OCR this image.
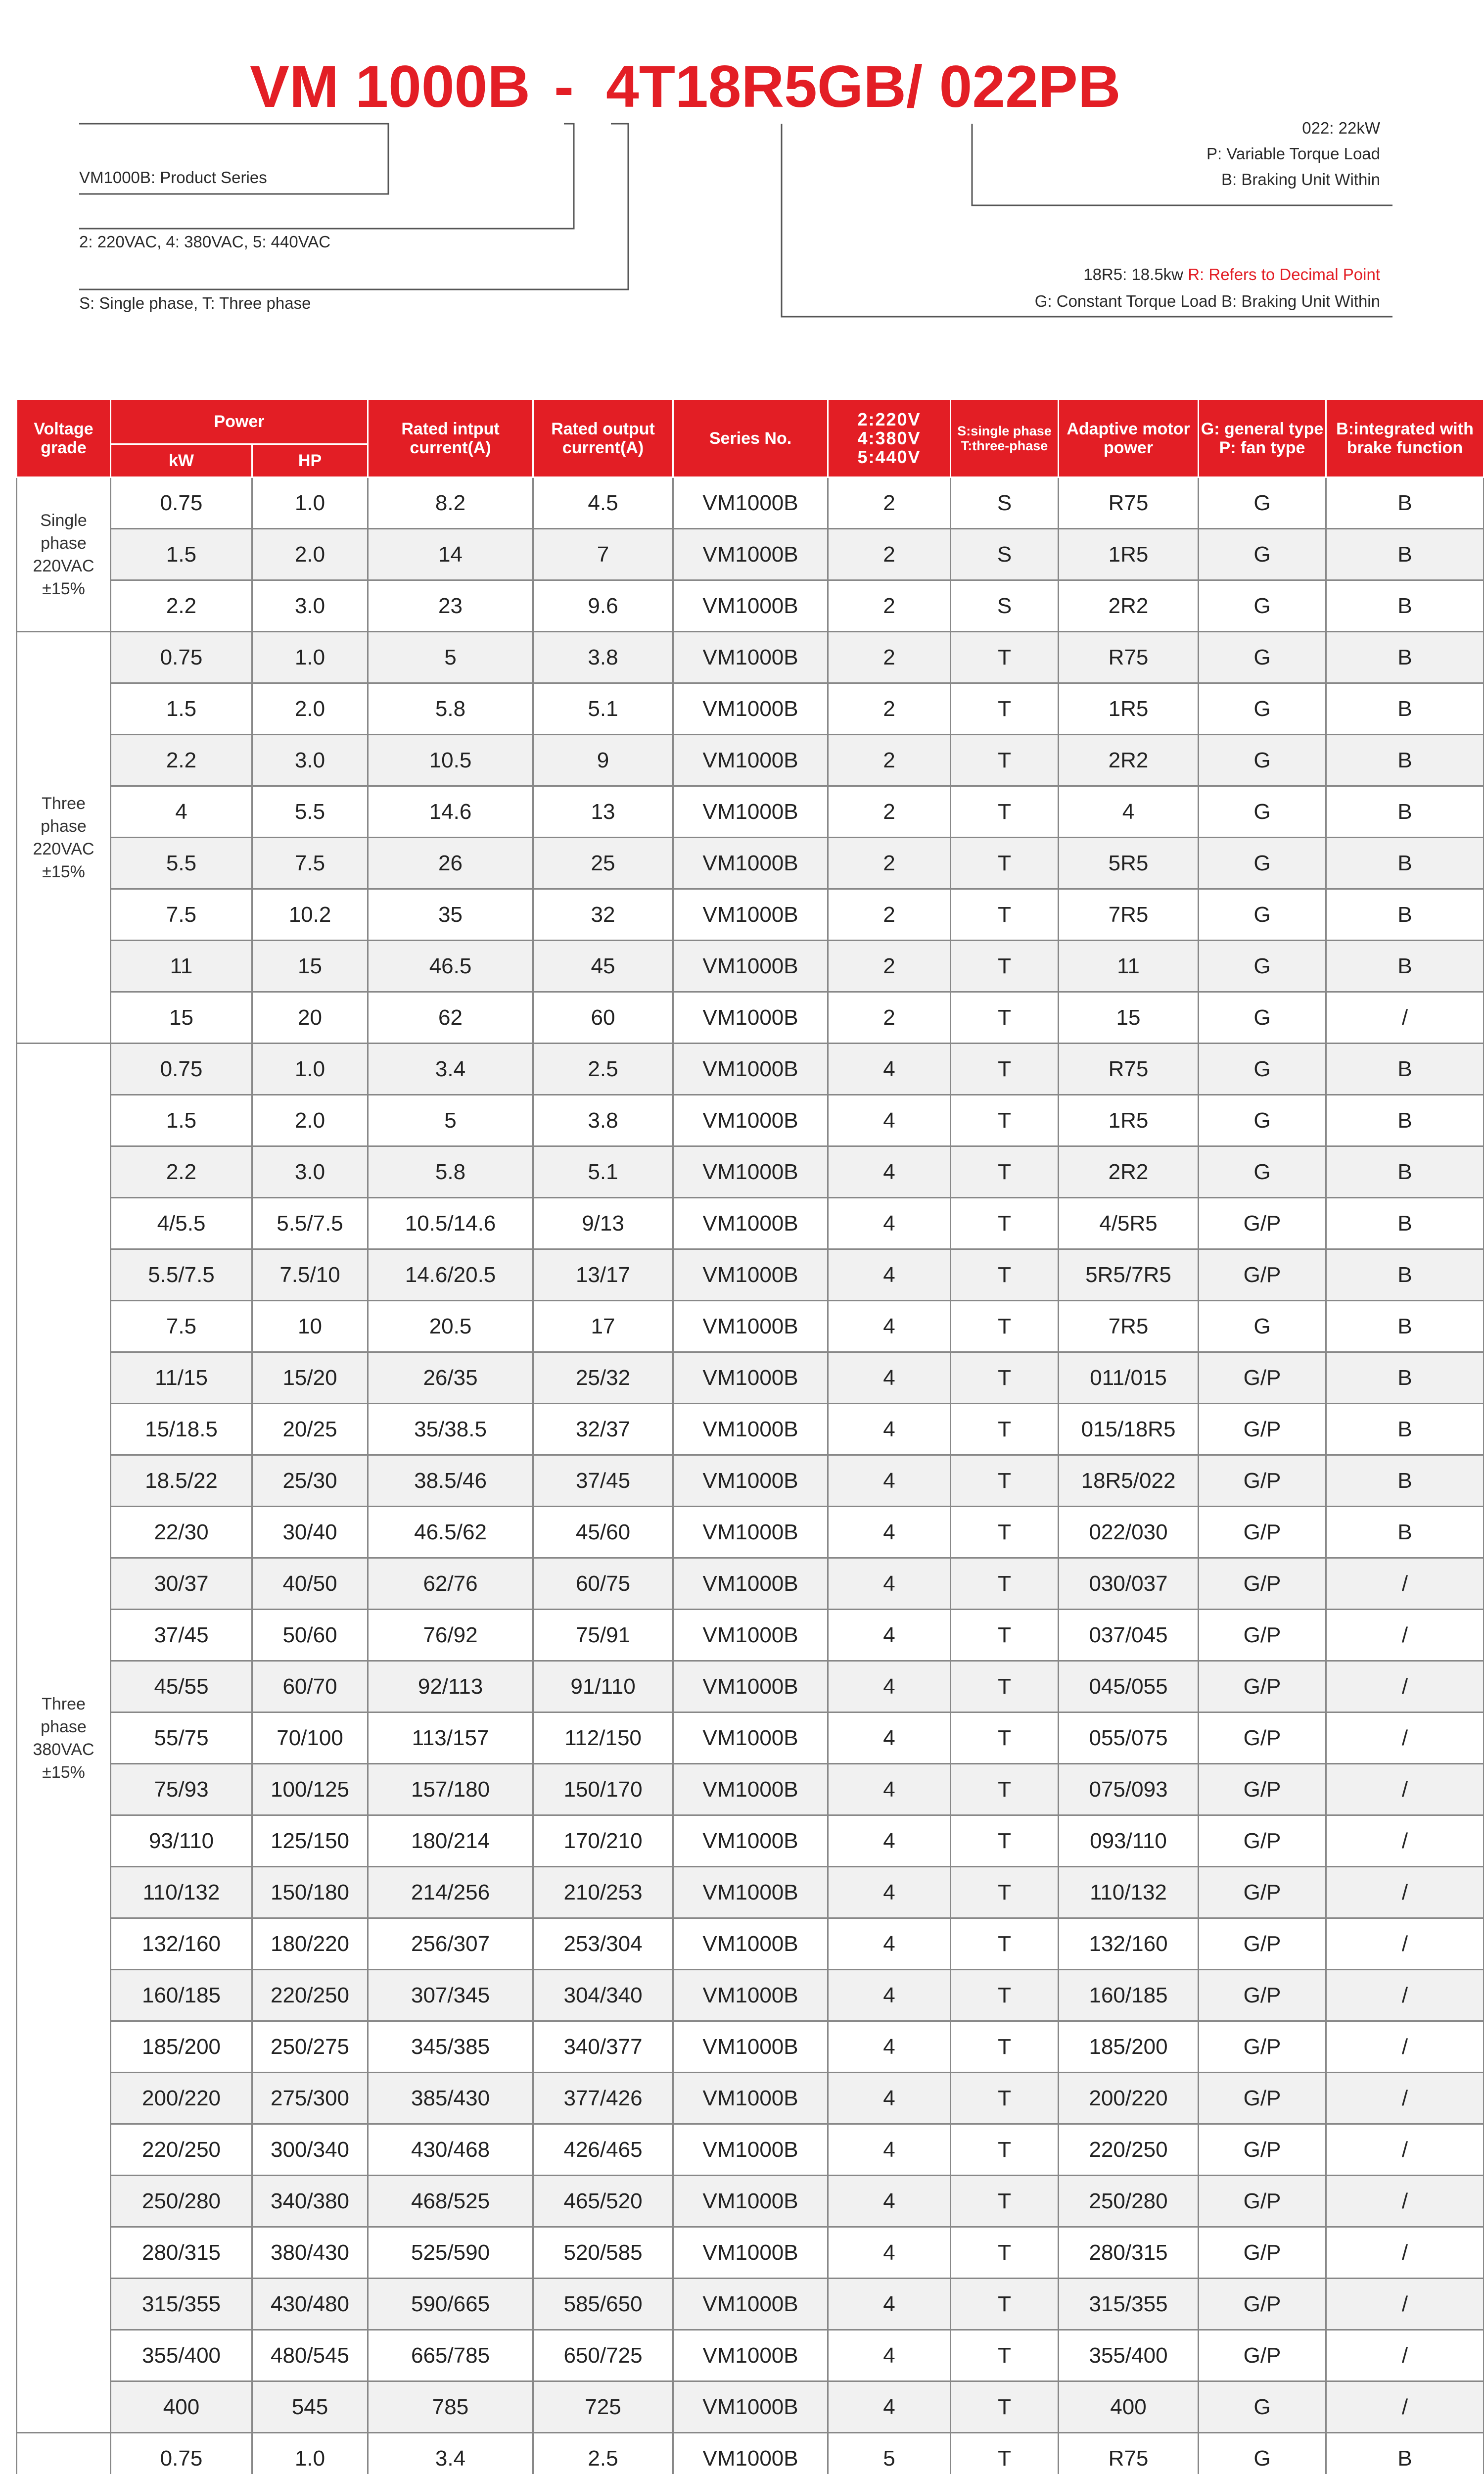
VM 1000B - 4T18R5GB/ 022PB
VM1000B: Product Series
2: 220VAC, 4: 380VAC, 5: 440VAC
S: Single phase, T: Three phase
022: 22kW
P: Variable Torque Load
B: Braking Unit Within
18R5: 18.5kw R: Refers to Decimal Point
G: Constant Torque Load B: Braking Unit Within
Voltage grade	Power		Rated intput current(A)	Rated output current(A)	Series No.	2:220V 4:380V 5:440V	S:single phase T:three-phase	Adaptive motor power	G: general type P: fan type	B:integrated with brake function
	kW	HP								
Single phase 220VAC ±15%	0.75	1.0	8.2	4.5	VM1000B	2	S	R75	G	B
	1.5	2.0	14	7	VM1000B	2	S	1R5	G	B
	2.2	3.0	23	9.6	VM1000B	2	S	2R2	G	B
Three phase 220VAC ±15%	0.75	1.0	5	3.8	VM1000B	2	T	R75	G	B
	1.5	2.0	5.8	5.1	VM1000B	2	T	1R5	G	B
	2.2	3.0	10.5	9	VM1000B	2	T	2R2	G	B
	4	5.5	14.6	13	VM1000B	2	T	4	G	B
	5.5	7.5	26	25	VM1000B	2	T	5R5	G	B
	7.5	10.2	35	32	VM1000B	2	T	7R5	G	B
	11	15	46.5	45	VM1000B	2	T	11	G	B
	15	20	62	60	VM1000B	2	T	15	G	/
Three phase 380VAC ±15%	0.75	1.0	3.4	2.5	VM1000B	4	T	R75	G	B
	1.5	2.0	5	3.8	VM1000B	4	T	1R5	G	B
	2.2	3.0	5.8	5.1	VM1000B	4	T	2R2	G	B
	4/5.5	5.5/7.5	10.5/14.6	9/13	VM1000B	4	T	4/5R5	G/P	B
	5.5/7.5	7.5/10	14.6/20.5	13/17	VM1000B	4	T	5R5/7R5	G/P	B
	7.5	10	20.5	17	VM1000B	4	T	7R5	G	B
	11/15	15/20	26/35	25/32	VM1000B	4	T	011/015	G/P	B
	15/18.5	20/25	35/38.5	32/37	VM1000B	4	T	015/18R5	G/P	B
	18.5/22	25/30	38.5/46	37/45	VM1000B	4	T	18R5/022	G/P	B
	22/30	30/40	46.5/62	45/60	VM1000B	4	T	022/030	G/P	B
	30/37	40/50	62/76	60/75	VM1000B	4	T	030/037	G/P	/
	37/45	50/60	76/92	75/91	VM1000B	4	T	037/045	G/P	/
	45/55	60/70	92/113	91/110	VM1000B	4	T	045/055	G/P	/
	55/75	70/100	113/157	112/150	VM1000B	4	T	055/075	G/P	/
	75/93	100/125	157/180	150/170	VM1000B	4	T	075/093	G/P	/
	93/110	125/150	180/214	170/210	VM1000B	4	T	093/110	G/P	/
	110/132	150/180	214/256	210/253	VM1000B	4	T	110/132	G/P	/
	132/160	180/220	256/307	253/304	VM1000B	4	T	132/160	G/P	/
	160/185	220/250	307/345	304/340	VM1000B	4	T	160/185	G/P	/
	185/200	250/275	345/385	340/377	VM1000B	4	T	185/200	G/P	/
	200/220	275/300	385/430	377/426	VM1000B	4	T	200/220	G/P	/
	220/250	300/340	430/468	426/465	VM1000B	4	T	220/250	G/P	/
	250/280	340/380	468/525	465/520	VM1000B	4	T	250/280	G/P	/
	280/315	380/430	525/590	520/585	VM1000B	4	T	280/315	G/P	/
	315/355	430/480	590/665	585/650	VM1000B	4	T	315/355	G/P	/
	355/400	480/545	665/785	650/725	VM1000B	4	T	355/400	G/P	/
	400	545	785	725	VM1000B	4	T	400	G	/
	0.75	1.0	3.4	2.5	VM1000B	5	T	R75	G	B
